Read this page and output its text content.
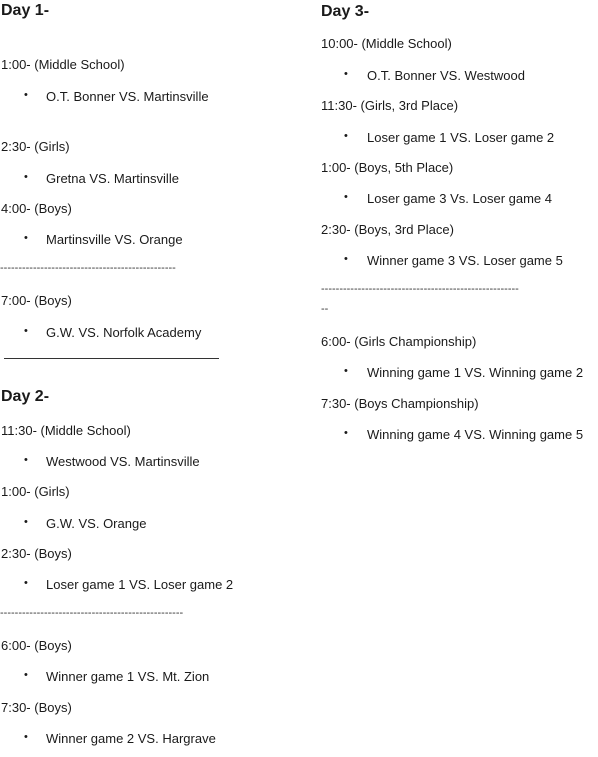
Day 1-
1:00- (Middle School)
• O.T. Bonner VS. Martinsville
2:30- (Girls)
• Gretna VS. Martinsville
4:00- (Boys)
• Martinsville VS. Orange
------------------------------------------------
7:00- (Boys)
• G.W. VS. Norfolk Academy
Day 2-
11:30- (Middle School)
• Westwood VS. Martinsville
1:00- (Girls)
• G.W. VS. Orange
2:30- (Boys)
• Loser game 1 VS. Loser game 2
--------------------------------------------------
6:00- (Boys)
• Winner game 1 VS. Mt. Zion
7:30- (Boys)
• Winner game 2 VS. Hargrave
Day 3-
10:00- (Middle School)
• O.T. Bonner VS. Westwood
11:30- (Girls, 3rd Place)
• Loser game 1 VS. Loser game 2
1:00- (Boys, 5th Place)
• Loser game 3 Vs. Loser game 4
2:30- (Boys, 3rd Place)
• Winner game 3 VS. Loser game 5
------------------------------------------------------
--
6:00- (Girls Championship)
• Winning game 1 VS. Winning game 2
7:30- (Boys Championship)
• Winning game 4 VS. Winning game 5
